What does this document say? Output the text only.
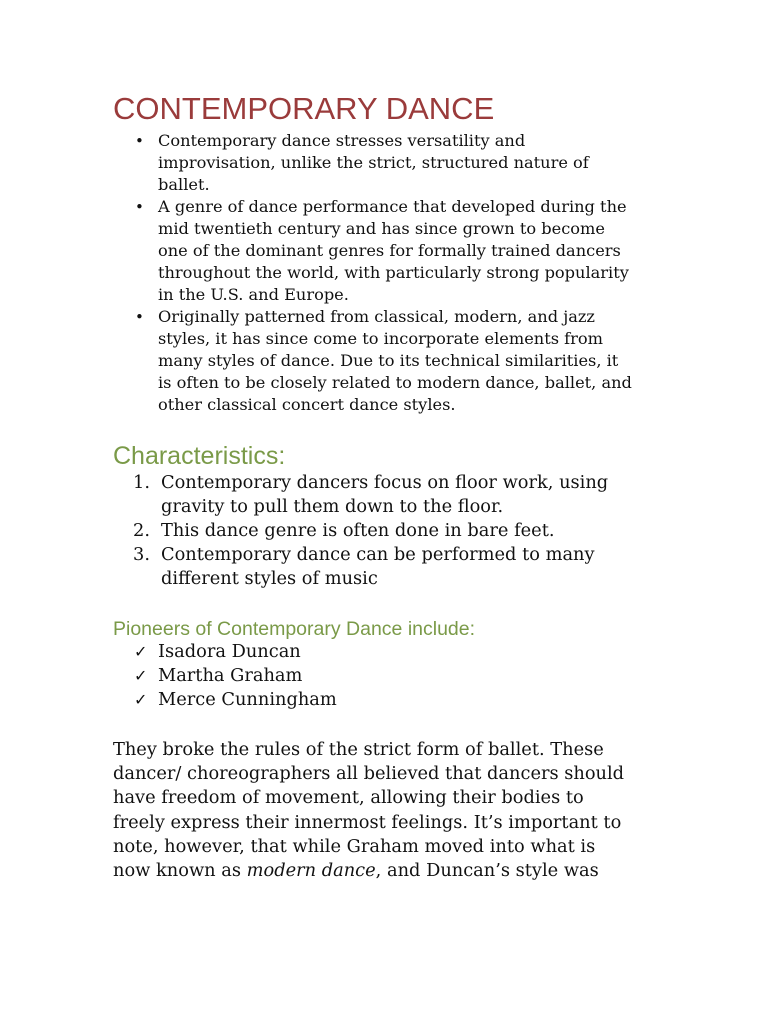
CONTEMPORARY DANCE
• Contemporary dance stresses versatility and
improvisation, unlike the strict, structured nature of
ballet.
• A genre of dance performance that developed during the
mid twentieth century and has since grown to become
one of the dominant genres for formally trained dancers
throughout the world, with particularly strong popularity
in the U.S. and Europe.
• Originally patterned from classical, modern, and jazz
styles, it has since come to incorporate elements from
many styles of dance. Due to its technical similarities, it
is often to be closely related to modern dance, ballet, and
other classical concert dance styles.
Characteristics:
1. Contemporary dancers focus on floor work, using
gravity to pull them down to the floor.
2. This dance genre is often done in bare feet.
3. Contemporary dance can be performed to many
different styles of music
Pioneers of Contemporary Dance include:
✓ Isadora Duncan
✓ Martha Graham
✓ Merce Cunningham

They broke the rules of the strict form of ballet. These
dancer/ choreographers all believed that dancers should
have freedom of movement, allowing their bodies to
freely express their innermost feelings. It’s important to
note, however, that while Graham moved into what is
now known as modern dance, and Duncan’s style was
